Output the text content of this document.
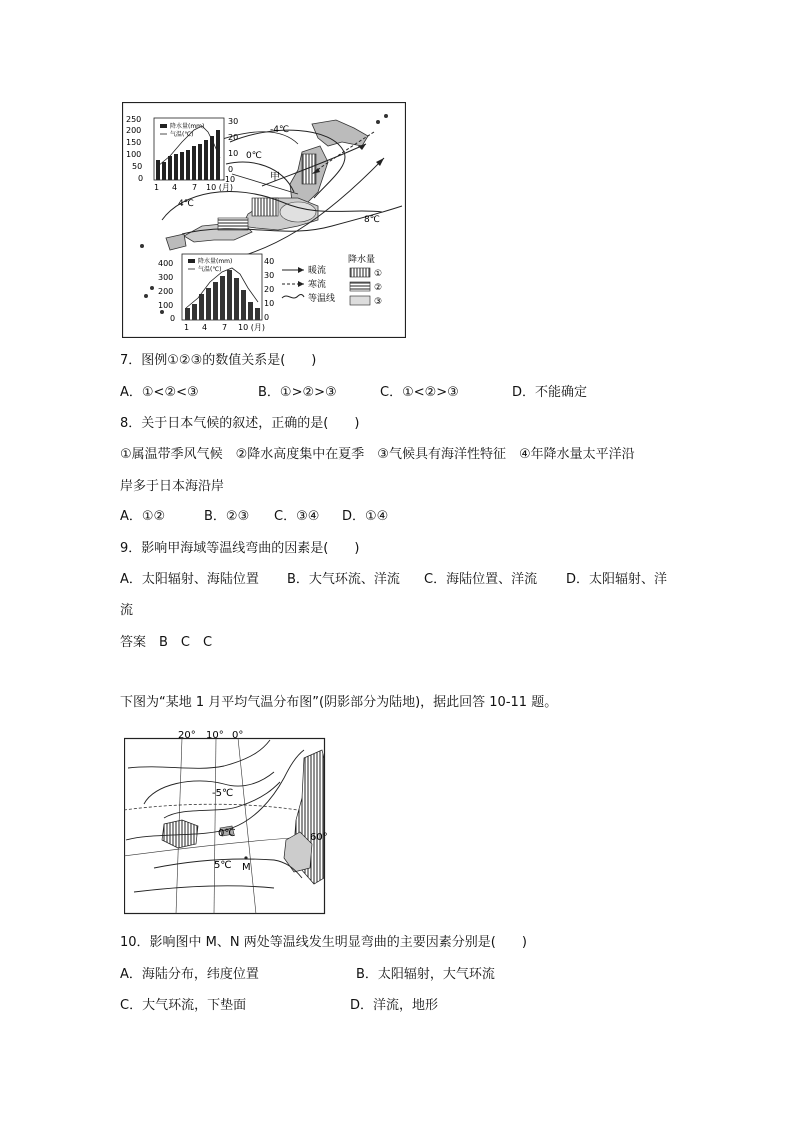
-4℃
0℃
4℃
8℃
甲
250
200
150
100
50
0
30
20
10
0
-10
降水量(mm)
气温(℃)
1 4 7 10 (月)
400
300
200
100
0
40
30
20
10
0
降水量(mm)
气温(℃)
1 4 7 10 (月)
暖流
寒流
等温线
降水量
①
②
③
7．图例①②③的数值关系是(　　)
A．①<②<③	B．①>②>③	C．①<②>③	D．不能确定
8．关于日本气候的叙述，正确的是(　　)
①属温带季风气候　②降水高度集中在夏季　③气候具有海洋性特征　④年降水量太平洋沿
岸多于日本海沿岸
A．①②	B．②③ C．③④ D．①④
9．影响甲海域等温线弯曲的因素是(　　)
A．太阳辐射、海陆位置 B．大气环流、洋流 C．海陆位置、洋流 D．太阳辐射、洋
流
答案　B　C　C
下图为“某地 1 月平均气温分布图”(阴影部分为陆地)，据此回答 10-11 题。
20° 10° 0°
60°
-5℃
0℃
5℃ M
10．影响图中 M、N 两处等温线发生明显弯曲的主要因素分别是(　　)
A．海陆分布，纬度位置	B．太阳辐射，大气环流
C．大气环流，下垫面	D．洋流，地形
